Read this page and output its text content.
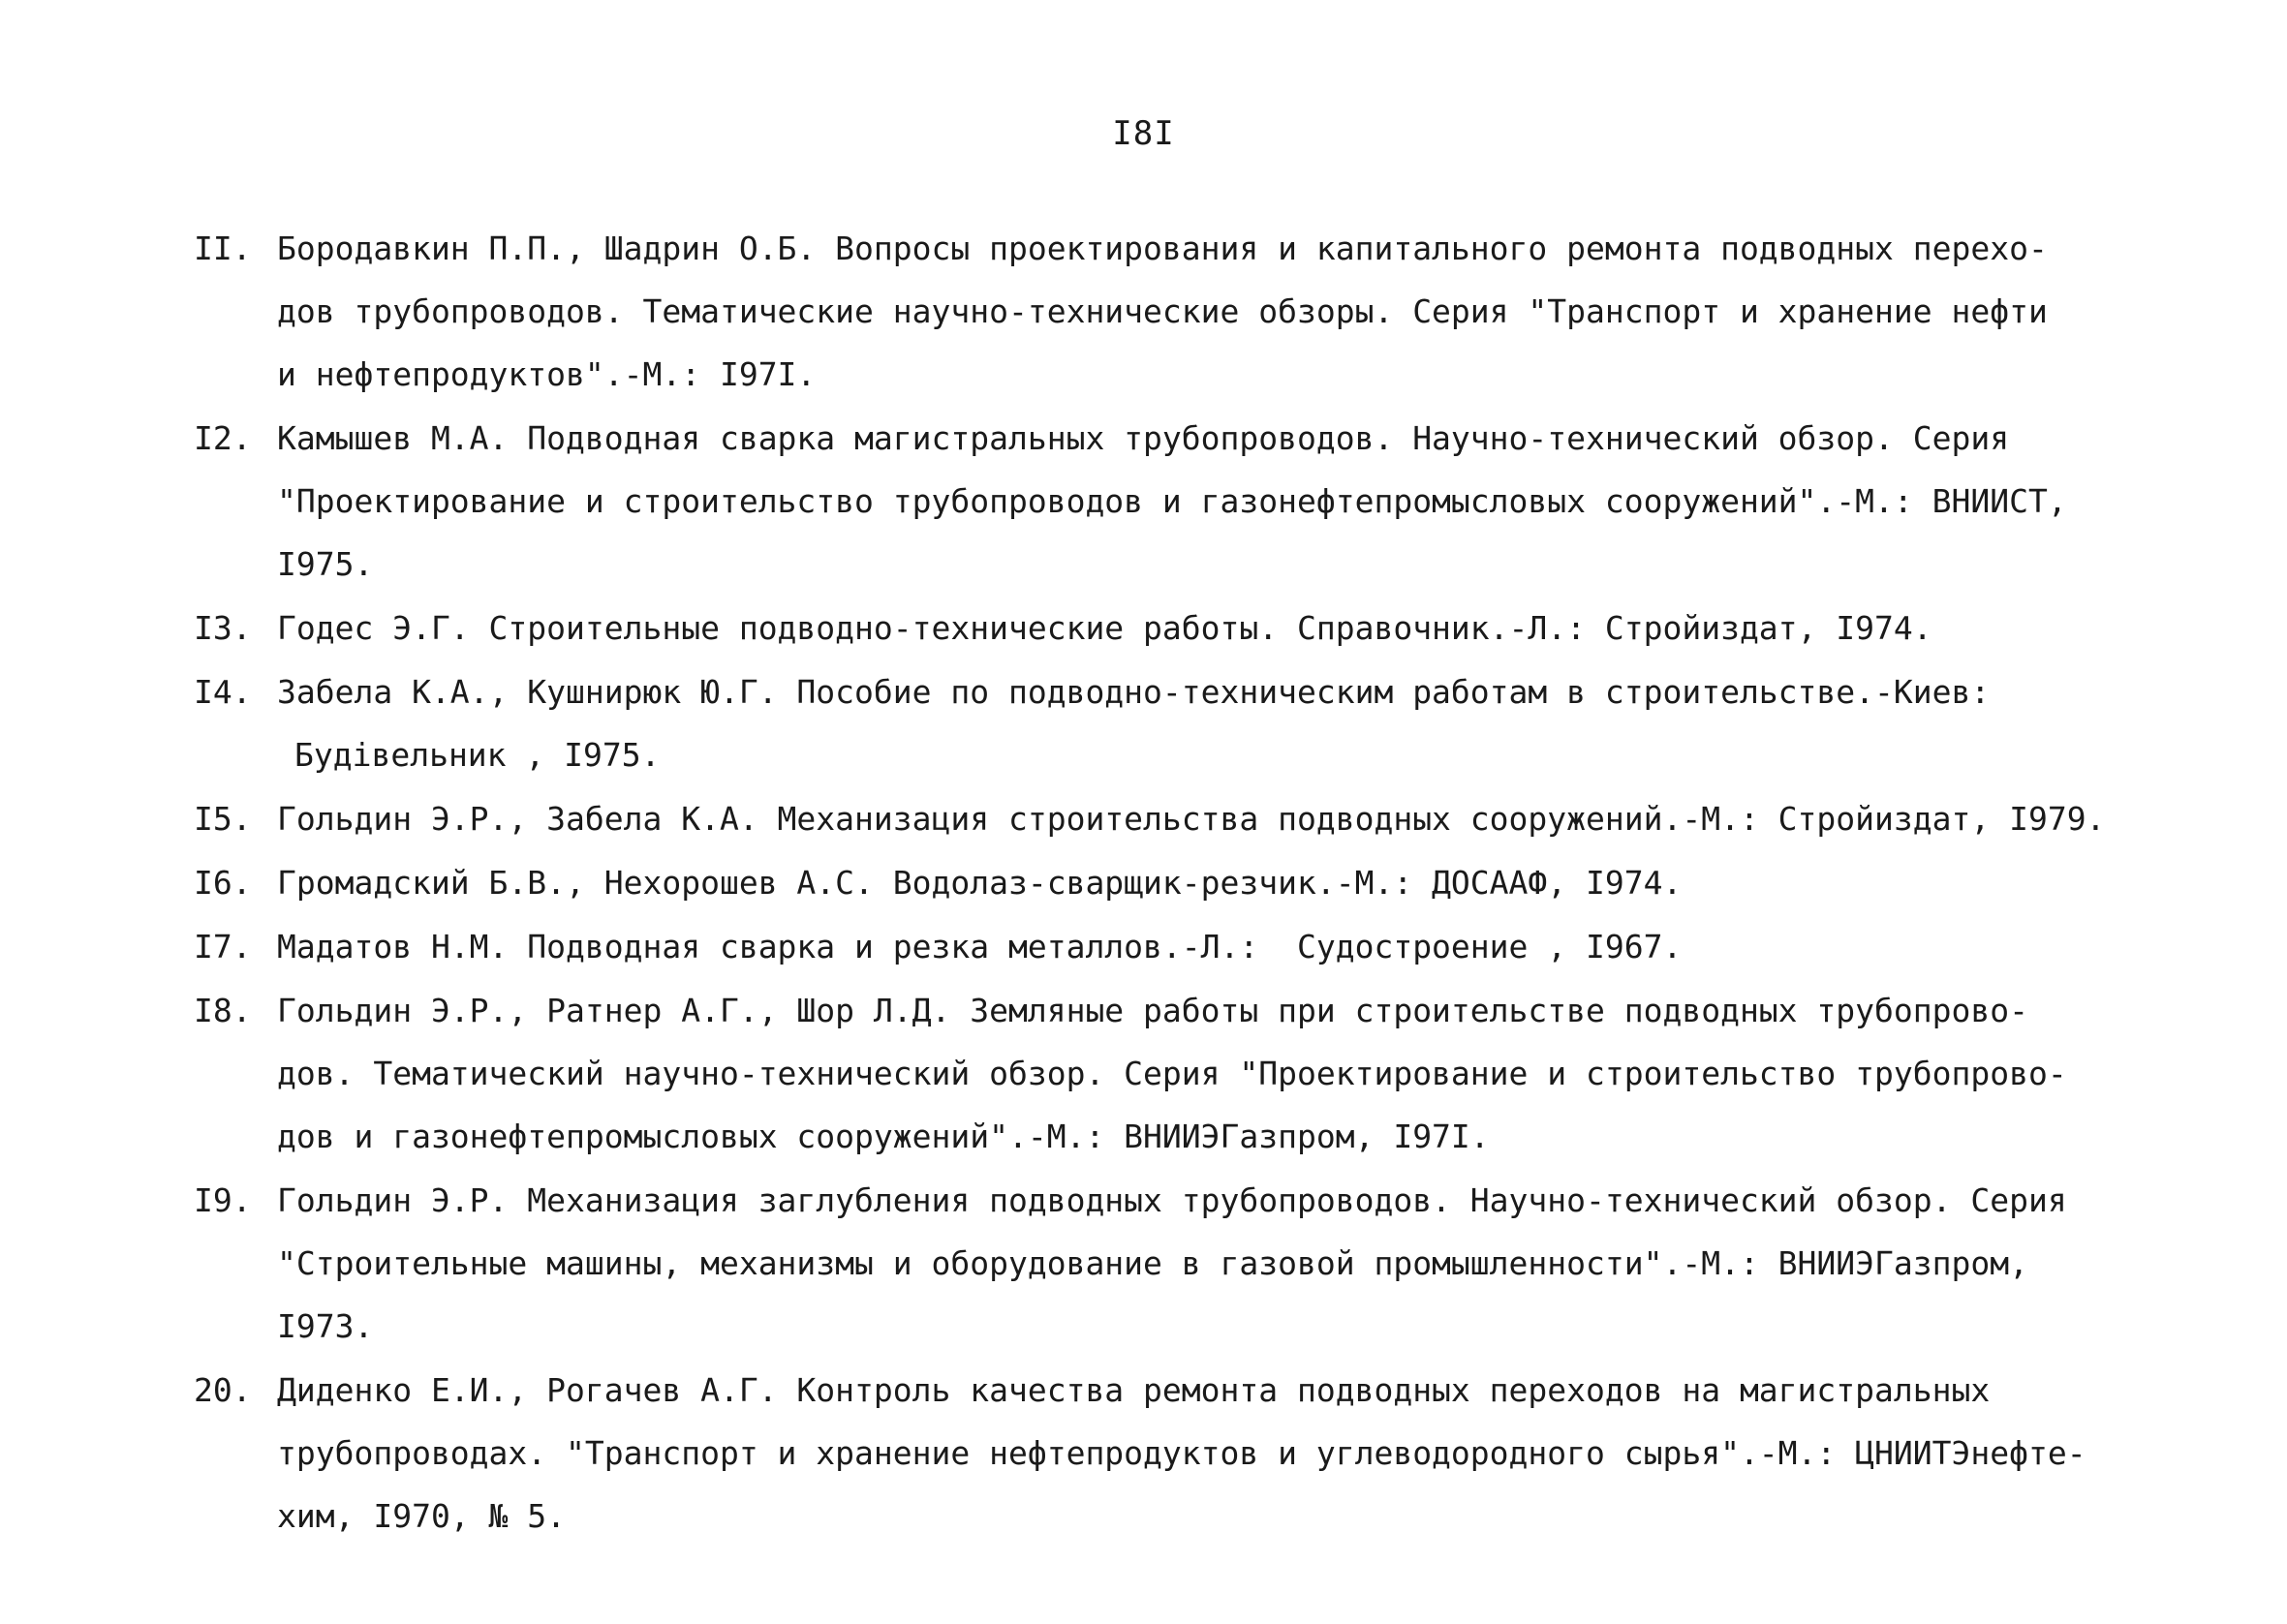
I8I
II. Бородавкин П.П., Шадрин О.Б. Вопросы проектирования и капитального ремонта подводных перехо-
дов трубопроводов. Тематические научно-технические обзоры. Серия "Транспорт и хранение нефти
и нефтепродуктов".-М.: I97I.
I2. Камышев М.А. Подводная сварка магистральных трубопроводов. Научно-технический обзор. Серия
"Проектирование и строительство трубопроводов и газонефтепромысловых сооружений".-М.: ВНИИСТ,
I975.
I3. Годес Э.Г. Строительные подводно-технические работы. Справочник.-Л.: Стройиздат, I974.
I4. Забела К.А., Кушнирюк Ю.Г. Пособие по подводно-техническим работам в строительстве.-Киев:
Будiвельник , I975.
I5. Гольдин Э.Р., Забела К.А. Механизация строительства подводных сооружений.-М.: Стройиздат, I979.
I6. Громадский Б.В., Нехорошев А.С. Водолаз-сварщик-резчик.-М.: ДОСААФ, I974.
I7. Мадатов Н.М. Подводная сварка и резка металлов.-Л.:  Судостроение , I967.
I8. Гольдин Э.Р., Ратнер А.Г., Шор Л.Д. Земляные работы при строительстве подводных трубопрово-
дов. Тематический научно-технический обзор. Серия "Проектирование и строительство трубопрово-
дов и газонефтепромысловых сооружений".-М.: ВНИИЭГазпром, I97I.
I9. Гольдин Э.Р. Механизация заглубления подводных трубопроводов. Научно-технический обзор. Серия
"Строительные машины, механизмы и оборудование в газовой промышленности".-М.: ВНИИЭГазпром,
I973.
20. Диденко Е.И., Рогачев А.Г. Контроль качества ремонта подводных переходов на магистральных
трубопроводах. "Транспорт и хранение нефтепродуктов и углеводородного сырья".-М.: ЦНИИТЭнефте-
хим, I970, № 5.
